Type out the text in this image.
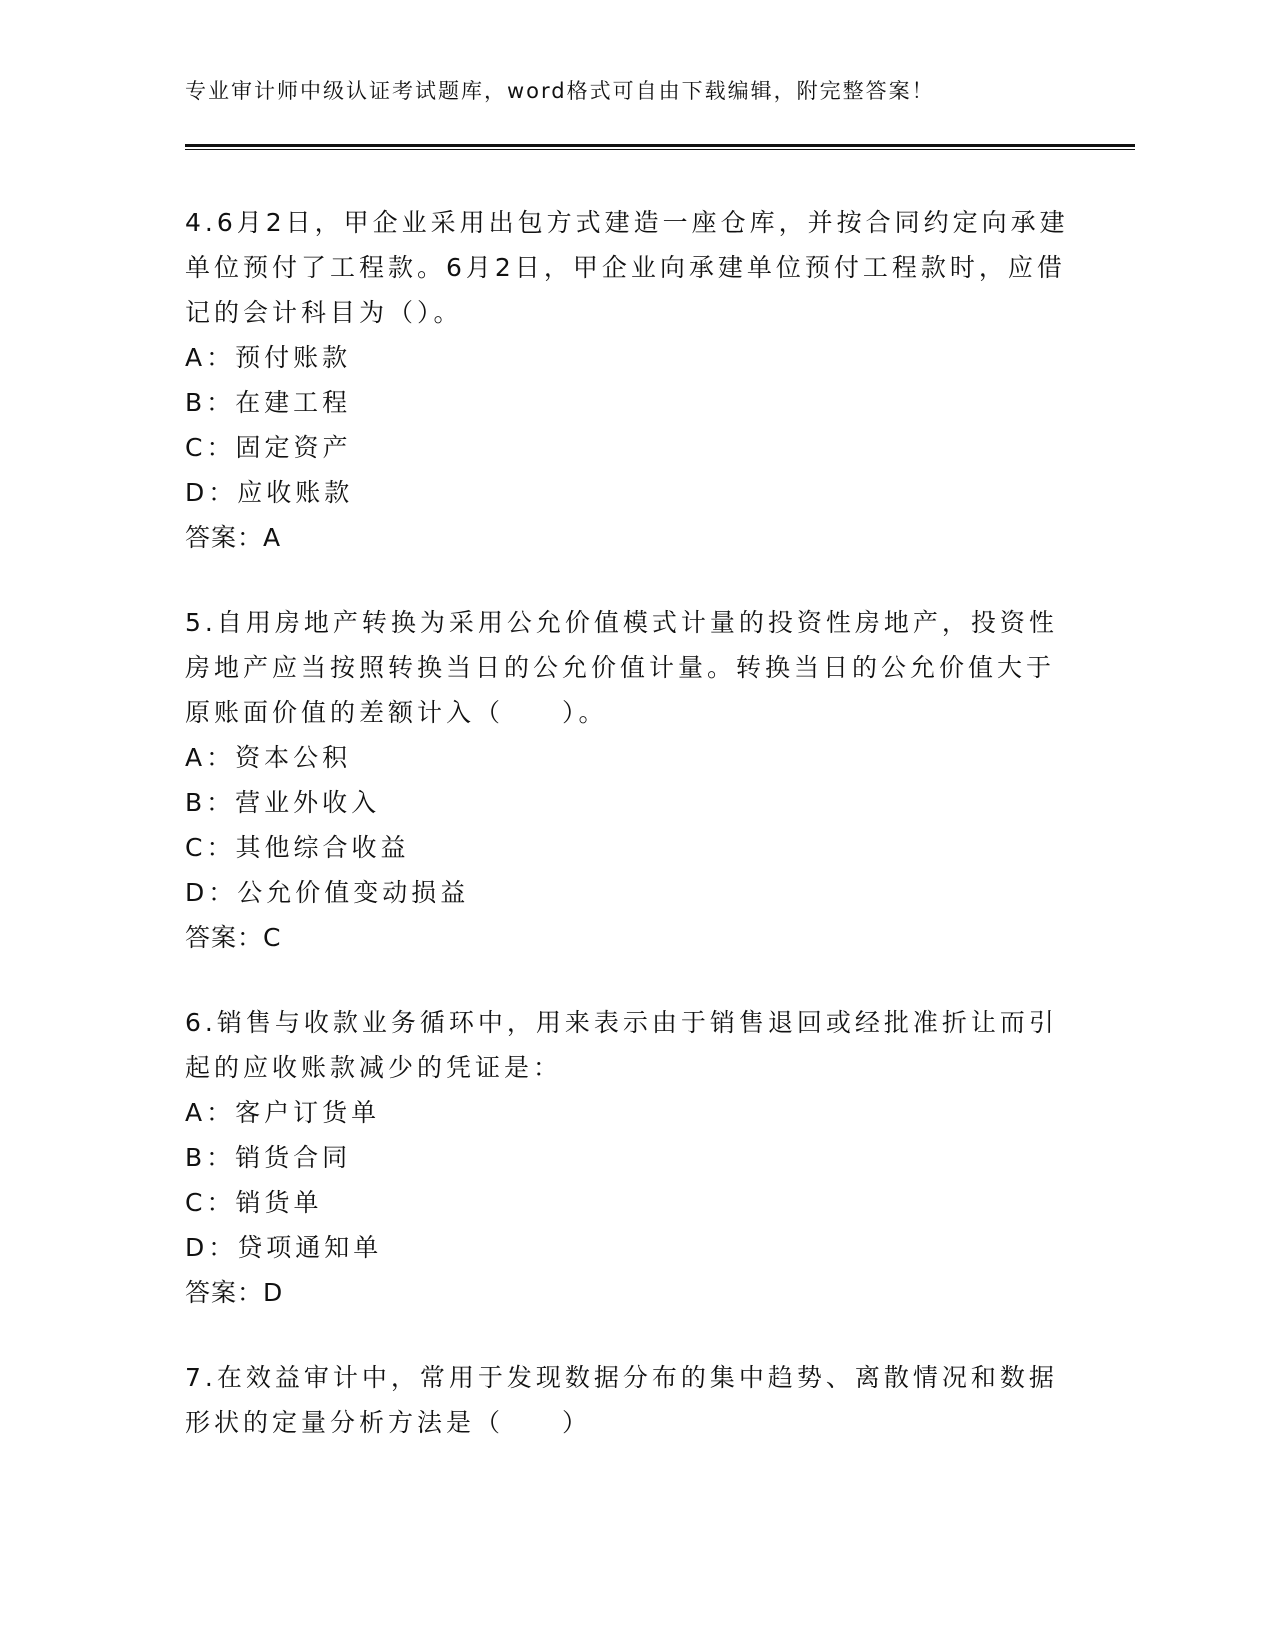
专业审计师中级认证考试题库，word格式可自由下载编辑，附完整答案！
4.6月2日，甲企业采用出包方式建造一座仓库，并按合同约定向承建
单位预付了工程款。6月2日，甲企业向承建单位预付工程款时，应借
记的会计科目为（）。
A：预付账款
B：在建工程
C：固定资产
D：应收账款
答案：A
5.自用房地产转换为采用公允价值模式计量的投资性房地产，投资性
房地产应当按照转换当日的公允价值计量。转换当日的公允价值大于
原账面价值的差额计入（　　）。
A：资本公积
B：营业外收入
C：其他综合收益
D：公允价值变动损益
答案：C
6.销售与收款业务循环中，用来表示由于销售退回或经批准折让而引
起的应收账款减少的凭证是：
A：客户订货单
B：销货合同
C：销货单
D：贷项通知单
答案：D
7.在效益审计中，常用于发现数据分布的集中趋势、离散情况和数据
形状的定量分析方法是（　　）
